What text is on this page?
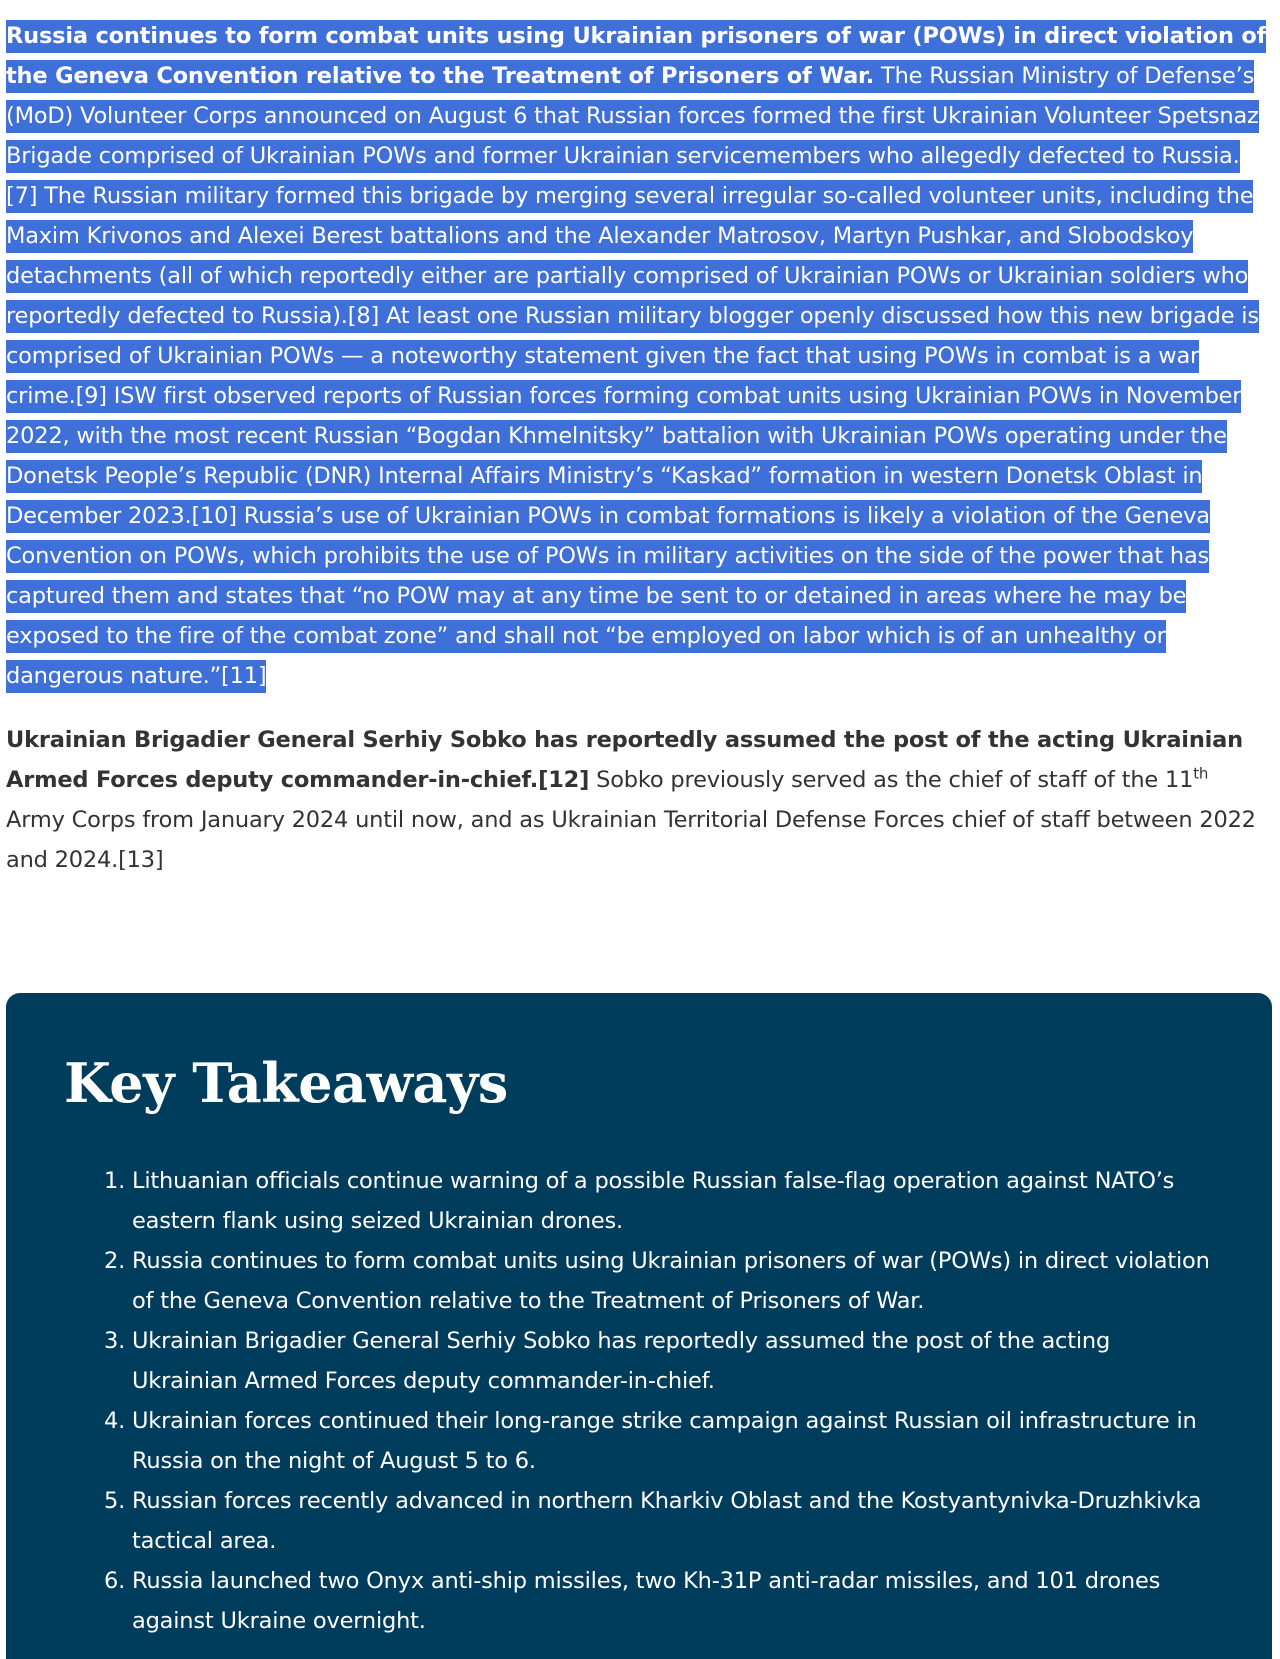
Russia continues to form combat units using Ukrainian prisoners of war (POWs) in direct violation of the Geneva Convention relative to the Treatment of Prisoners of War. The Russian Ministry of Defense’s (MoD) Volunteer Corps announced on August 6 that Russian forces formed the first Ukrainian Volunteer Spetsnaz Brigade comprised of Ukrainian POWs and former Ukrainian servicemembers who allegedly defected to Russia.[7] The Russian military formed this brigade by merging several irregular so-called volunteer units, including the Maxim Krivonos and Alexei Berest battalions and the Alexander Matrosov, Martyn Pushkar, and Slobodskoy detachments (all of which reportedly either are partially comprised of Ukrainian POWs or Ukrainian soldiers who reportedly defected to Russia).[8] At least one Russian military blogger openly discussed how this new brigade is comprised of Ukrainian POWs — a noteworthy statement given the fact that using POWs in combat is a war crime.[9] ISW first observed reports of Russian forces forming combat units using Ukrainian POWs in November 2022, with the most recent Russian “Bogdan Khmelnitsky” battalion with Ukrainian POWs operating under the Donetsk People’s Republic (DNR) Internal Affairs Ministry’s “Kaskad” formation in western Donetsk Oblast in December 2023.[10] Russia’s use of Ukrainian POWs in combat formations is likely a violation of the Geneva Convention on POWs, which prohibits the use of POWs in military activities on the side of the power that has captured them and states that “no POW may at any time be sent to or detained in areas where he may be exposed to the fire of the combat zone” and shall not “be employed on labor which is of an unhealthy or dangerous nature.”[11]

Ukrainian Brigadier General Serhiy Sobko has reportedly assumed the post of the acting Ukrainian Armed Forces deputy commander-in-chief.[12] Sobko previously served as the chief of staff of the 11th Army Corps from January 2024 until now, and as Ukrainian Territorial Defense Forces chief of staff between 2022 and 2024.[13]

Key Takeaways
1. Lithuanian officials continue warning of a possible Russian false-flag operation against NATO’s eastern flank using seized Ukrainian drones.
2. Russia continues to form combat units using Ukrainian prisoners of war (POWs) in direct violation of the Geneva Convention relative to the Treatment of Prisoners of War.
3. Ukrainian Brigadier General Serhiy Sobko has reportedly assumed the post of the acting Ukrainian Armed Forces deputy commander-in-chief.
4. Ukrainian forces continued their long-range strike campaign against Russian oil infrastructure in Russia on the night of August 5 to 6.
5. Russian forces recently advanced in northern Kharkiv Oblast and the Kostyantynivka-Druzhkivka tactical area.
6. Russia launched two Onyx anti-ship missiles, two Kh-31P anti-radar missiles, and 101 drones against Ukraine overnight.
